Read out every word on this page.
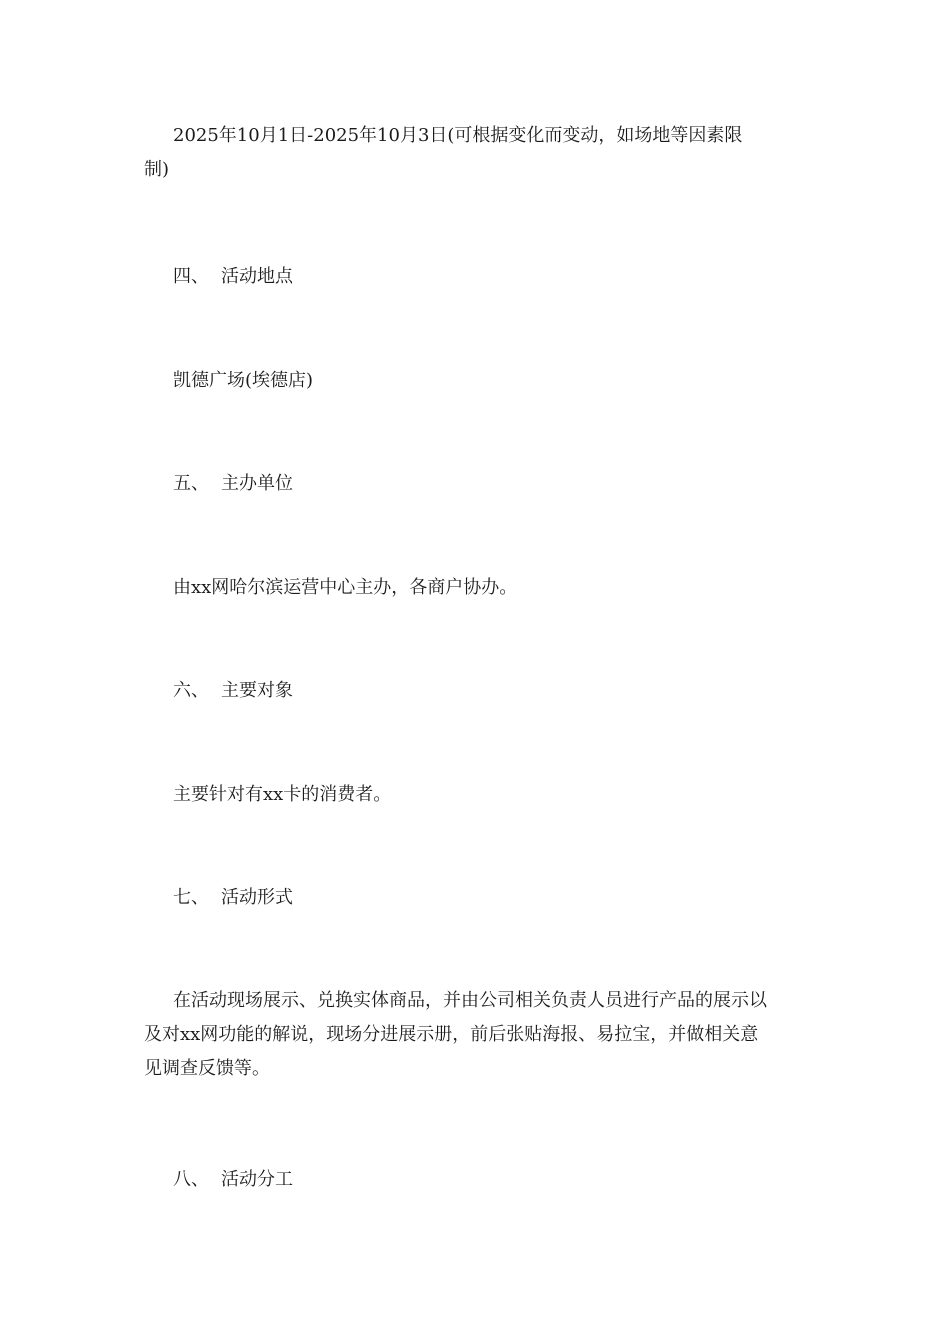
2025年10月1日-2025年10月3日(可根据变化而变动，如场地等因素限
制)

四、 活动地点

凯德广场(埃德店)

五、 主办单位

由xx网哈尔滨运营中心主办，各商户协办。

六、 主要对象

主要针对有xx卡的消费者。

七、 活动形式

在活动现场展示、兑换实体商品，并由公司相关负责人员进行产品的展示以
及对xx网功能的解说，现场分进展示册，前后张贴海报、易拉宝，并做相关意
见调查反馈等。

八、 活动分工
